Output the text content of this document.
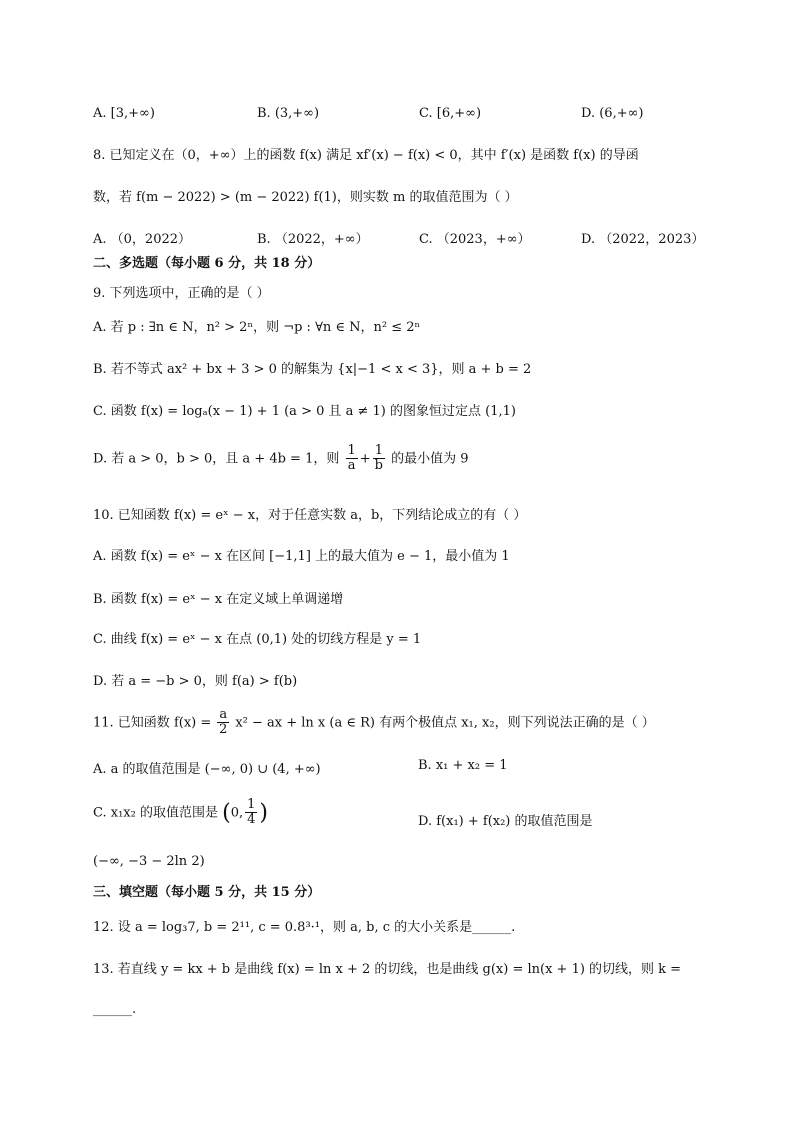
A. [3,+∞)	B. (3,+∞)	C. [6,+∞)	D. (6,+∞)
8. 已知定义在（0，+∞）上的函数 f(x) 满足 xf′(x) − f(x) < 0，其中 f′(x) 是函数 f(x) 的导函
数，若 f(m − 2022) > (m − 2022) f(1)，则实数 m 的取值范围为（ ）
A. （0，2022）	B. （2022，+∞）	C. （2023，+∞）	D. （2022，2023）
二、多选题（每小题 6 分，共 18 分）
9. 下列选项中，正确的是（ ）
A. 若 p : ∃n ∈ N，n² > 2ⁿ，则 ¬p : ∀n ∈ N，n² ≤ 2ⁿ
B. 若不等式 ax² + bx + 3 > 0 的解集为 {x|−1 < x < 3}，则 a + b = 2
C. 函数 f(x) = logₐ(x − 1) + 1 (a > 0 且 a ≠ 1) 的图象恒过定点 (1,1)
D. 若 a > 0，b > 0，且 a + 4b = 1，则 $\frac{1}{a} + \frac{1}{b}$ 的最小值为 9
10. 已知函数 f(x) = eˣ − x，对于任意实数 a，b，下列结论成立的有（ ）
A. 函数 f(x) = eˣ − x 在区间 [−1,1] 上的最大值为 e − 1，最小值为 1
B. 函数 f(x) = eˣ − x 在定义域上单调递增
C. 曲线 f(x) = eˣ − x 在点 (0,1) 处的切线方程是 y = 1
D. 若 a = −b > 0，则 f(a) > f(b)
11. 已知函数 $f(x) = \frac{a}{2} x^2$ − ax + ln x (a ∈ R) 有两个极值点 x₁, x₂，则下列说法正确的是（ ）
A. a 的取值范围是 (−∞, 0) ∪ (4, +∞)	B. x₁ + x₂ = 1
C. x₁x₂ 的取值范围是 (0, $\frac{1}{4}$ )	D. f(x₁) + f(x₂) 的取值范围是
(−∞, −3 − 2ln 2)
三、填空题（每小题 5 分，共 15 分）
12. 设 a = log₃7, b = 2¹¹, c = 0.8³·¹，则 a, b, c 的大小关系是______.
13. 若直线 y = kx + b 是曲线 f(x) = ln x + 2 的切线，也是曲线 g(x) = ln(x + 1) 的切线，则 k =
______.
